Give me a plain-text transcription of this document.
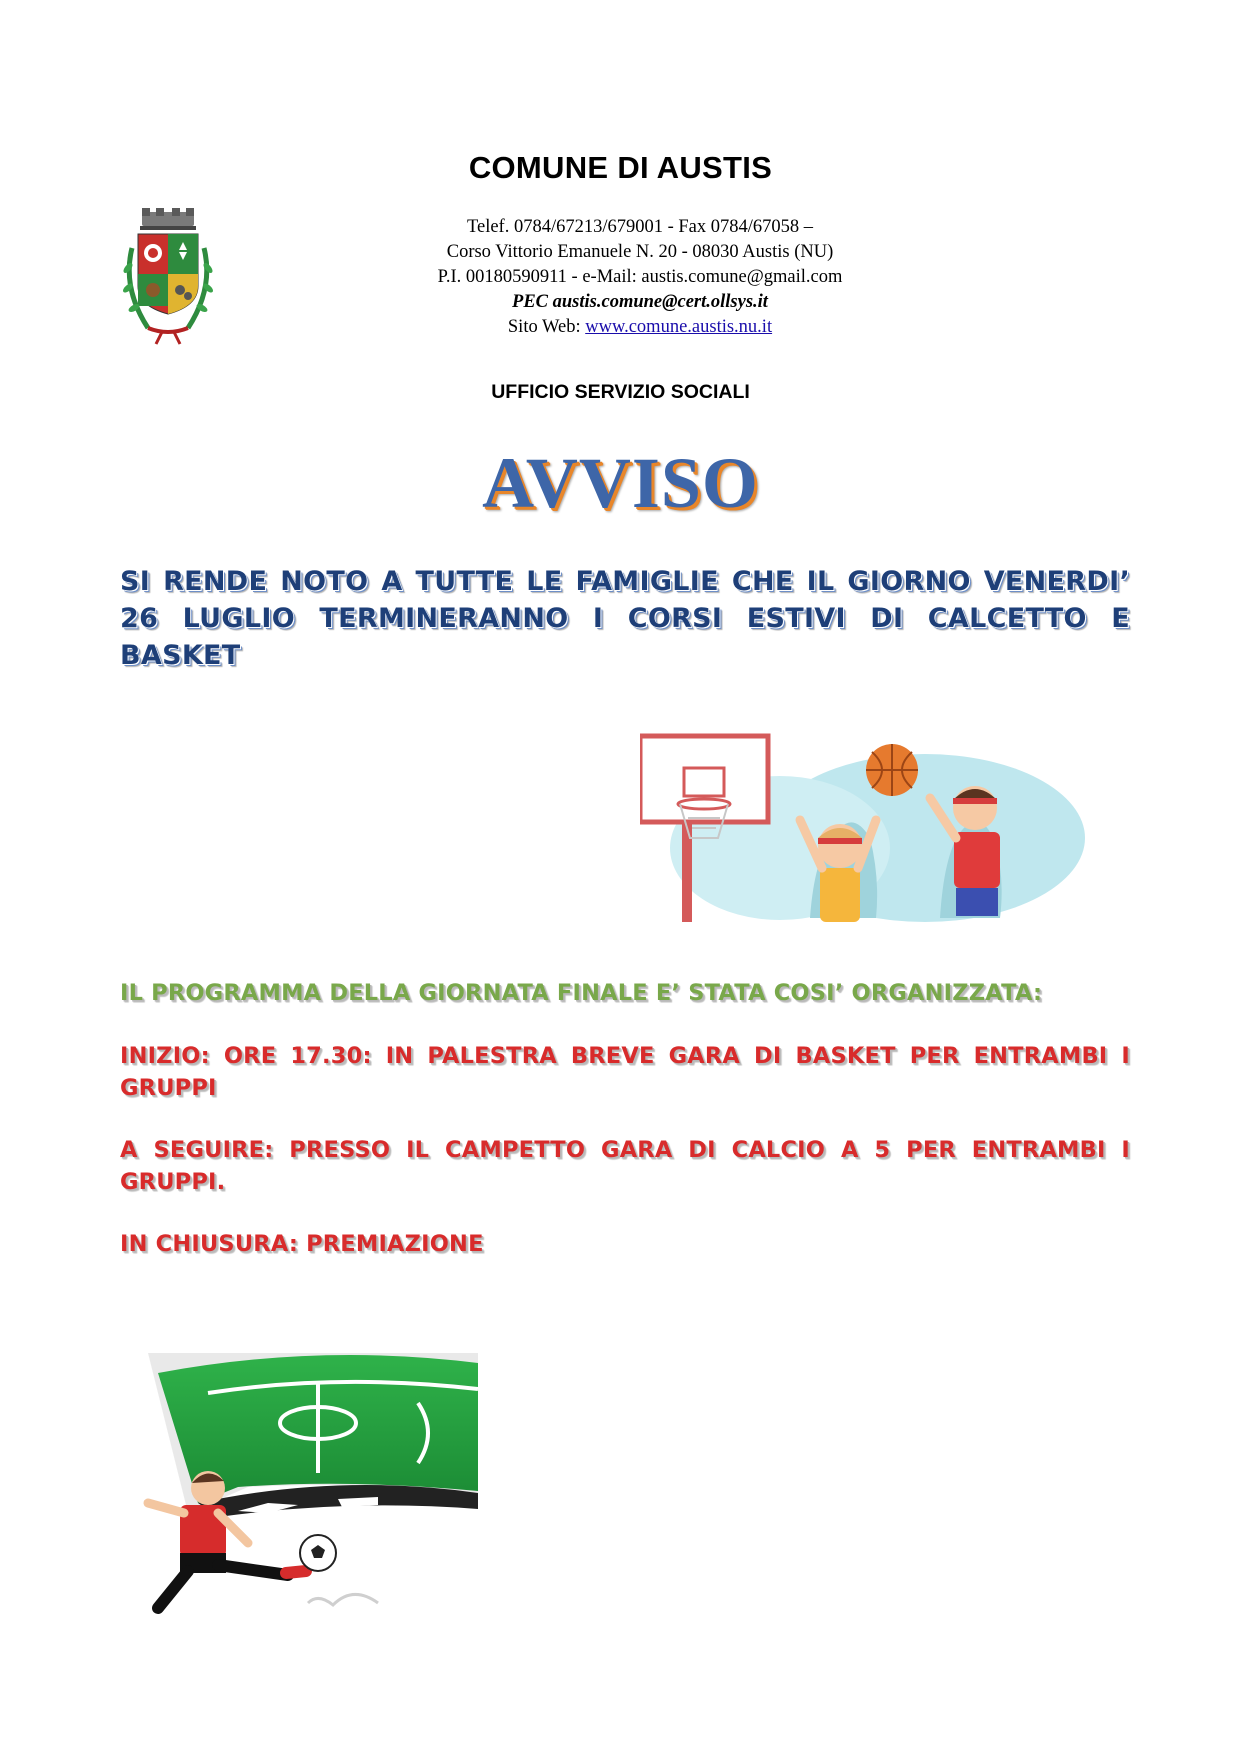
COMUNE DI AUSTIS
Telef. 0784/67213/679001 - Fax 0784/67058 –
Corso Vittorio Emanuele N. 20 - 08030 Austis (NU)
P.I. 00180590911 - e-Mail: austis.comune@gmail.com
PEC austis.comune@cert.ollsys.it
Sito Web: www.comune.austis.nu.it
UFFICIO SERVIZIO SOCIALI
AVVISO
SI RENDE NOTO A TUTTE LE FAMIGLIE CHE IL GIORNO VENERDI’ 26 LUGLIO TERMINERANNO I CORSI ESTIVI DI CALCETTO E BASKET
IL PROGRAMMA DELLA GIORNATA FINALE E’ STATA COSI’ ORGANIZZATA:
INIZIO: ORE 17.30: IN PALESTRA BREVE GARA DI BASKET PER ENTRAMBI I GRUPPI
A SEGUIRE: PRESSO IL CAMPETTO GARA DI CALCIO A 5 PER ENTRAMBI I GRUPPI.
IN CHIUSURA: PREMIAZIONE
